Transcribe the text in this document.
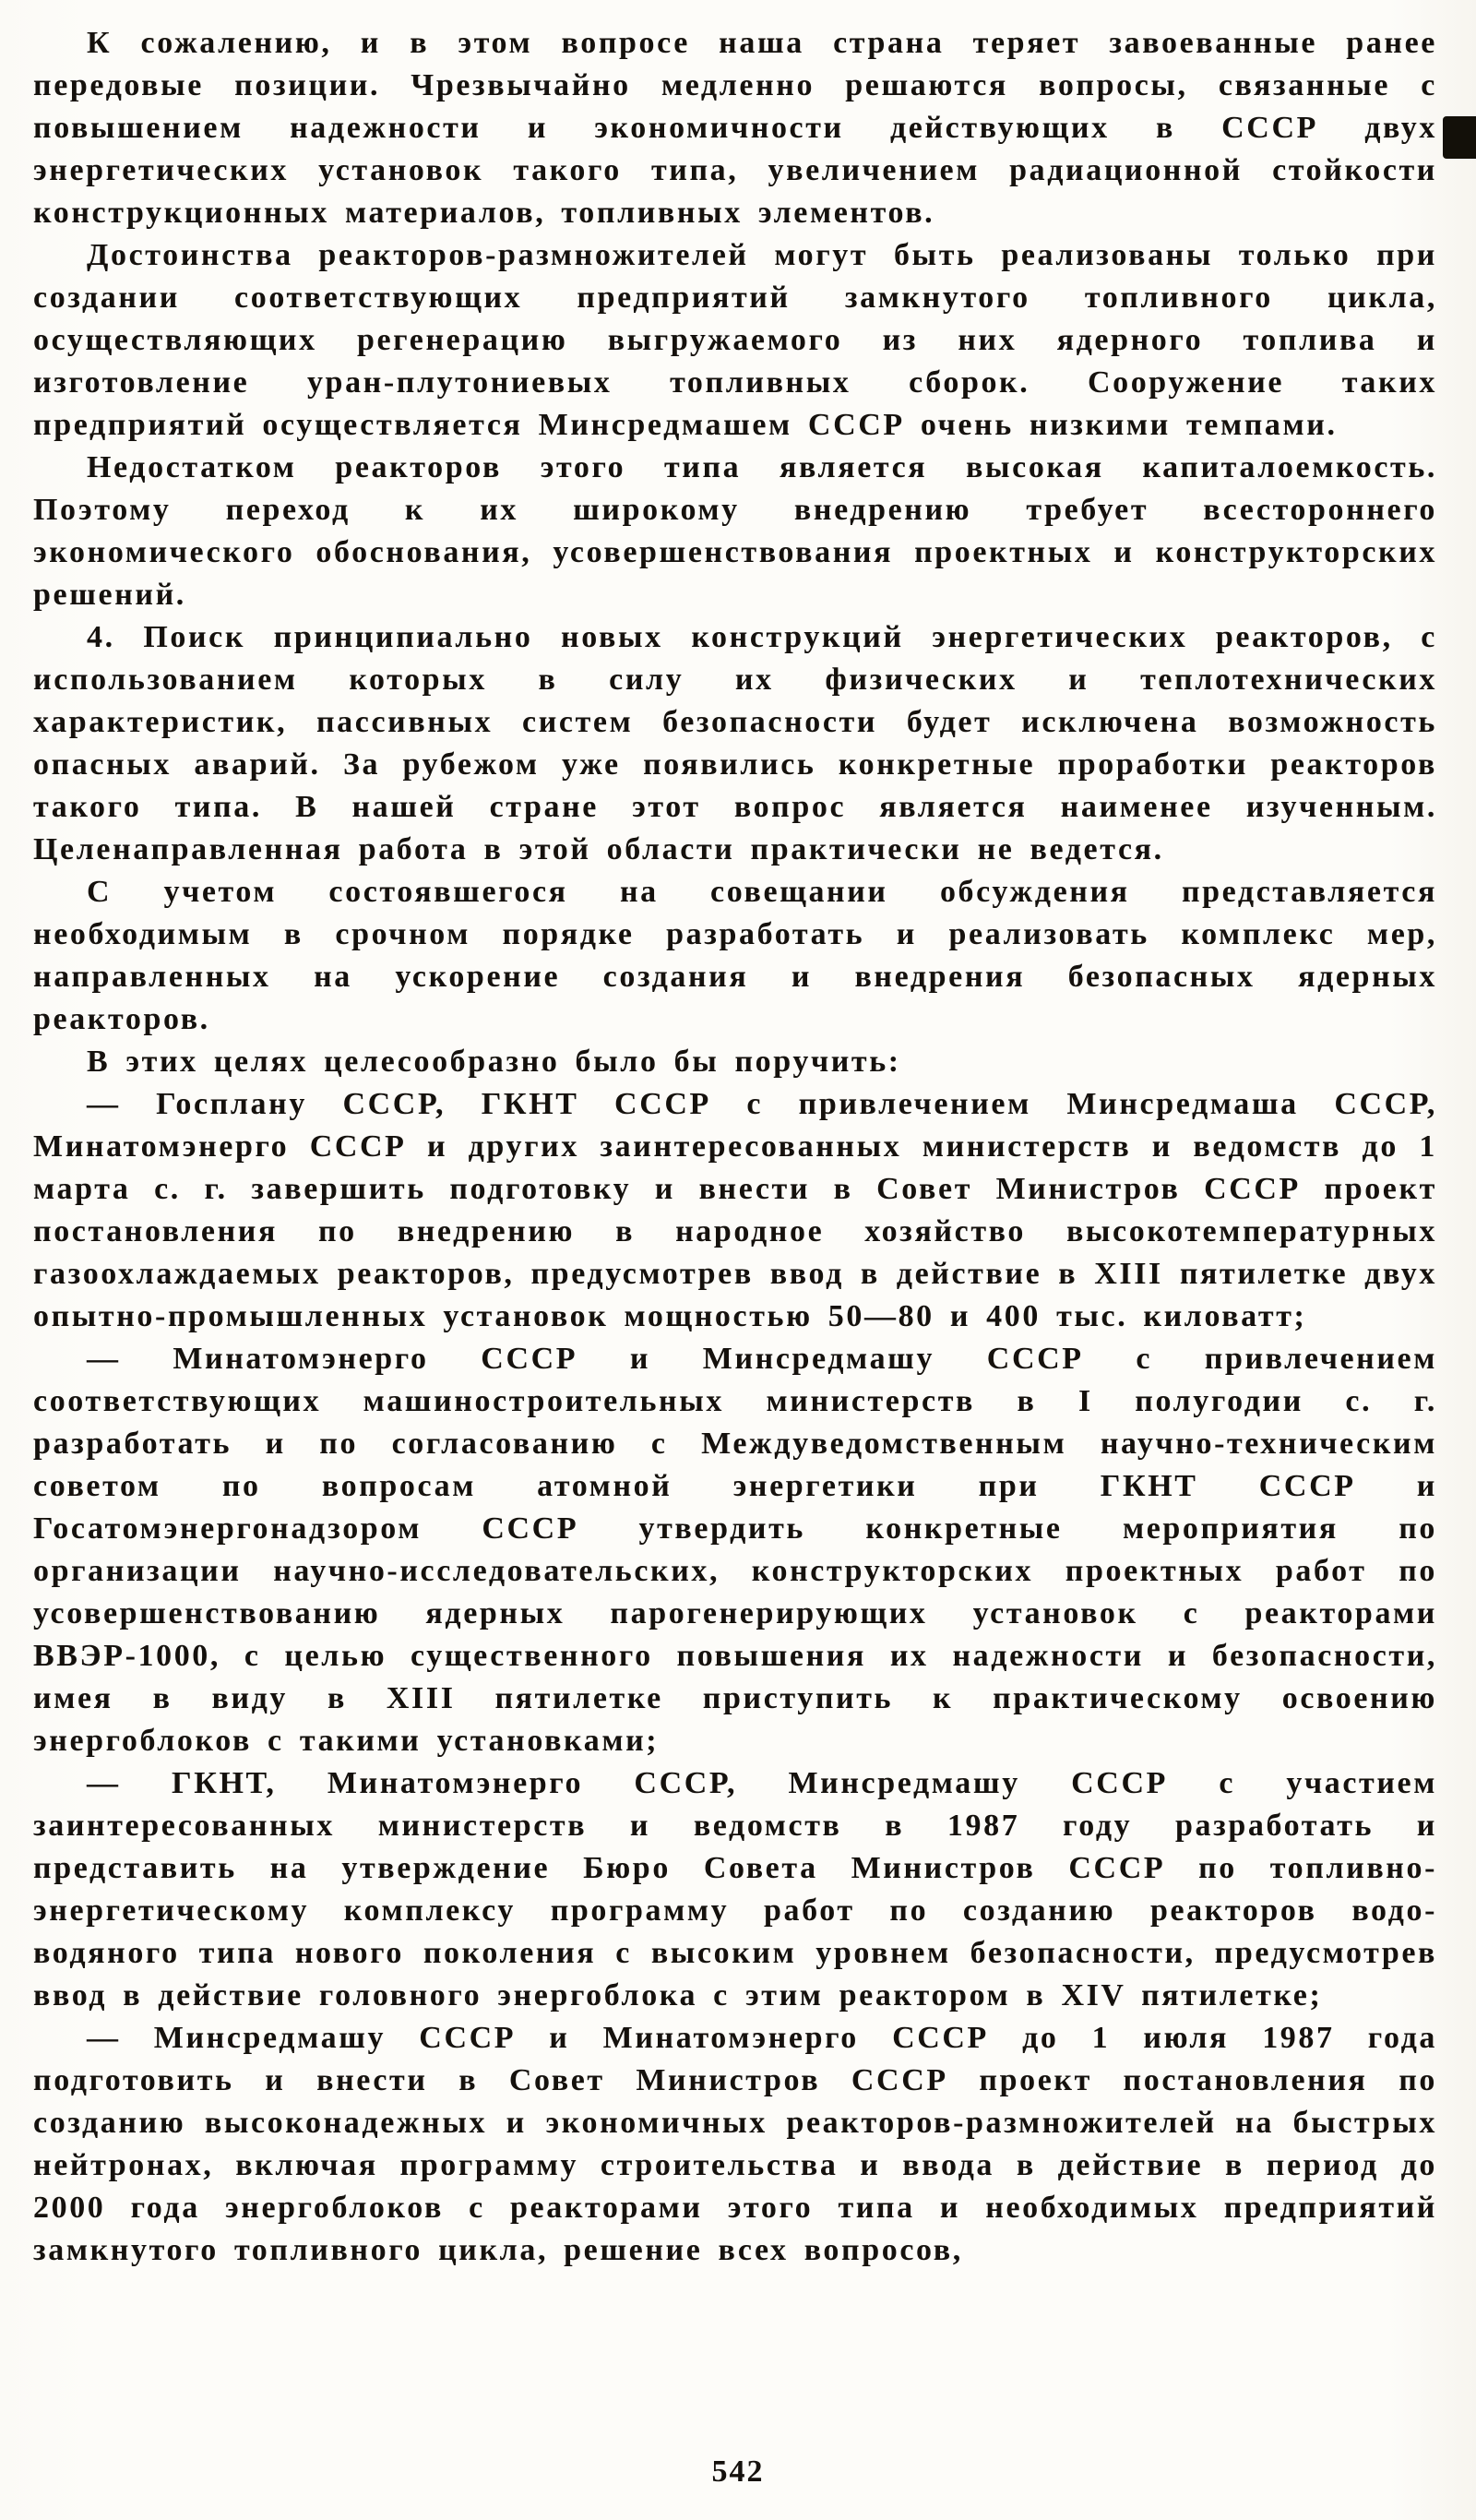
К сожалению, и в этом вопросе наша страна теряет завоеванные ранее передовые позиции. Чрезвычайно медленно решаются вопросы, связанные с повышением надежности и экономичности действующих в СССР двух энергетических установок такого типа, увеличением радиационной стойкости конструкционных материалов, топливных элементов.

Достоинства реакторов-размножителей могут быть реализованы только при создании соответствующих предприятий замкнутого топливного цикла, осуществляющих регенерацию выгружаемого из них ядерного топлива и изготовление уран-плутониевых топливных сборок. Сооружение таких предприятий осуществляется Минсредмашем СССР очень низкими темпами.

Недостатком реакторов этого типа является высокая капиталоемкость. Поэтому переход к их широкому внедрению требует всестороннего экономического обоснования, усовершенствования проектных и конструкторских решений.

4. Поиск принципиально новых конструкций энергетических реакторов, с использованием которых в силу их физических и теплотехнических характеристик, пассивных систем безопасности будет исключена возможность опасных аварий. За рубежом уже появились конкретные проработки реакторов такого типа. В нашей стране этот вопрос является наименее изученным. Целенаправленная работа в этой области практически не ведется.

С учетом состоявшегося на совещании обсуждения представляется необходимым в срочном порядке разработать и реализовать комплекс мер, направленных на ускорение создания и внедрения безопасных ядерных реакторов.

В этих целях целесообразно было бы поручить:

— Госплану СССР, ГКНТ СССР с привлечением Минсредмаша СССР, Минатомэнерго СССР и других заинтересованных министерств и ведомств до 1 марта с. г. завершить подготовку и внести в Совет Министров СССР проект постановления по внедрению в народное хозяйство высокотемпературных газоохлаждаемых реакторов, предусмотрев ввод в действие в XIII пятилетке двух опытно-промышленных установок мощностью 50—80 и 400 тыс. киловатт;

— Минатомэнерго СССР и Минсредмашу СССР с привлечением соответствующих машиностроительных министерств в I полугодии с. г. разработать и по согласованию с Междуведомственным научно-техническим советом по вопросам атомной энергетики при ГКНТ СССР и Госатомэнергонадзором СССР утвердить конкретные мероприятия по организации научно-исследовательских, конструкторских проектных работ по усовершенствованию ядерных парогенерирующих установок с реакторами ВВЭР-1000, с целью существенного повышения их надежности и безопасности, имея в виду в XIII пятилетке приступить к практическому освоению энергоблоков с такими установками;

— ГКНТ, Минатомэнерго СССР, Минсредмашу СССР с участием заинтересованных министерств и ведомств в 1987 году разработать и представить на утверждение Бюро Совета Министров СССР по топливно-энергетическому комплексу программу работ по созданию реакторов водо-водяного типа нового поколения с высоким уровнем безопасности, предусмотрев ввод в действие головного энергоблока с этим реактором в XIV пятилетке;

— Минсредмашу СССР и Минатомэнерго СССР до 1 июля 1987 года подготовить и внести в Совет Министров СССР проект постановления по созданию высоконадежных и экономичных реакторов-размножителей на быстрых нейтронах, включая программу строительства и ввода в действие в период до 2000 года энергоблоков с реакторами этого типа и необходимых предприятий замкнутого топливного цикла, решение всех вопросов,

542
